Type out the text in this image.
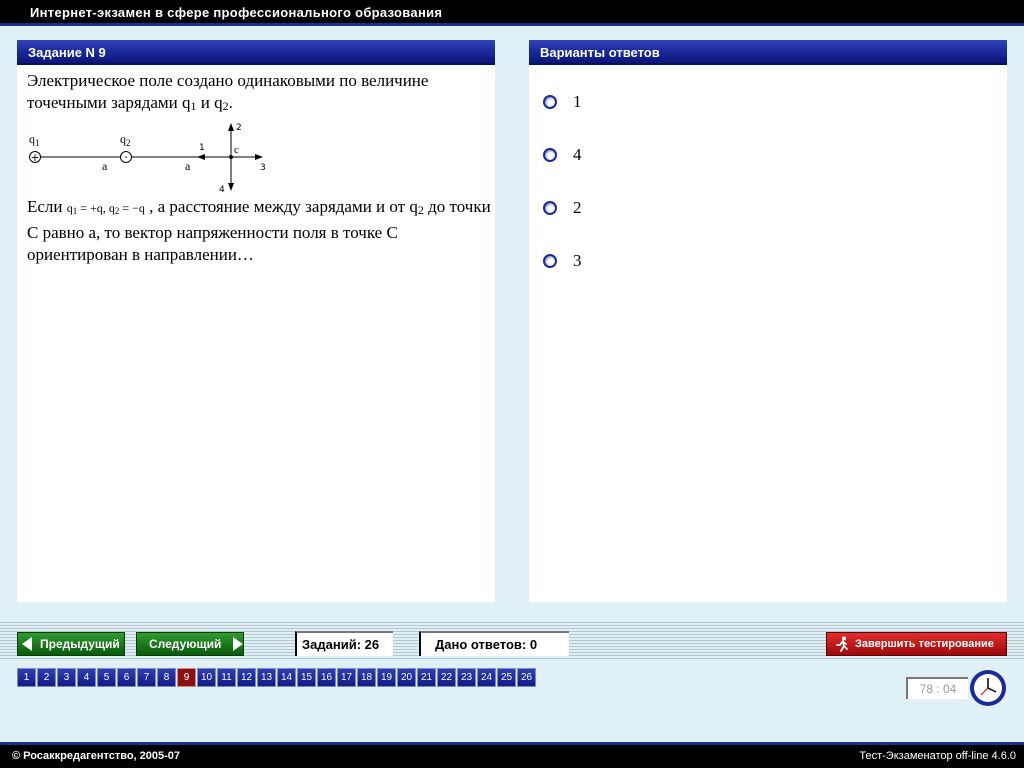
Интернет-экзамен в сфере профессионального образования
Задание N 9
Электрическое поле создано одинаковыми по величине точечными зарядами $q_1$ и $q_2$.
+	-
$q_1$	$q_2$
a	a
c
1
2
3
4
Если $q_1 = +q$, $q_2 = -q$ , а расстояние между зарядами и от $q_2$ до точки С равно а, то вектор напряженности поля в точке С ориентирован в направлении…
Варианты ответов
1
4
2
3
Предыдущий Следующий	Заданий: 26	Дано ответов: 0	Завершить тестирование
1	2	3	4	5	6	7	8	9	10 11 12 13 14 15 16 17 18 19 20 21 22 23 24 25 26
78 : 04
© Росаккредагентство, 2005-07	Тест-Экзаменатор off-line 4.6.0
